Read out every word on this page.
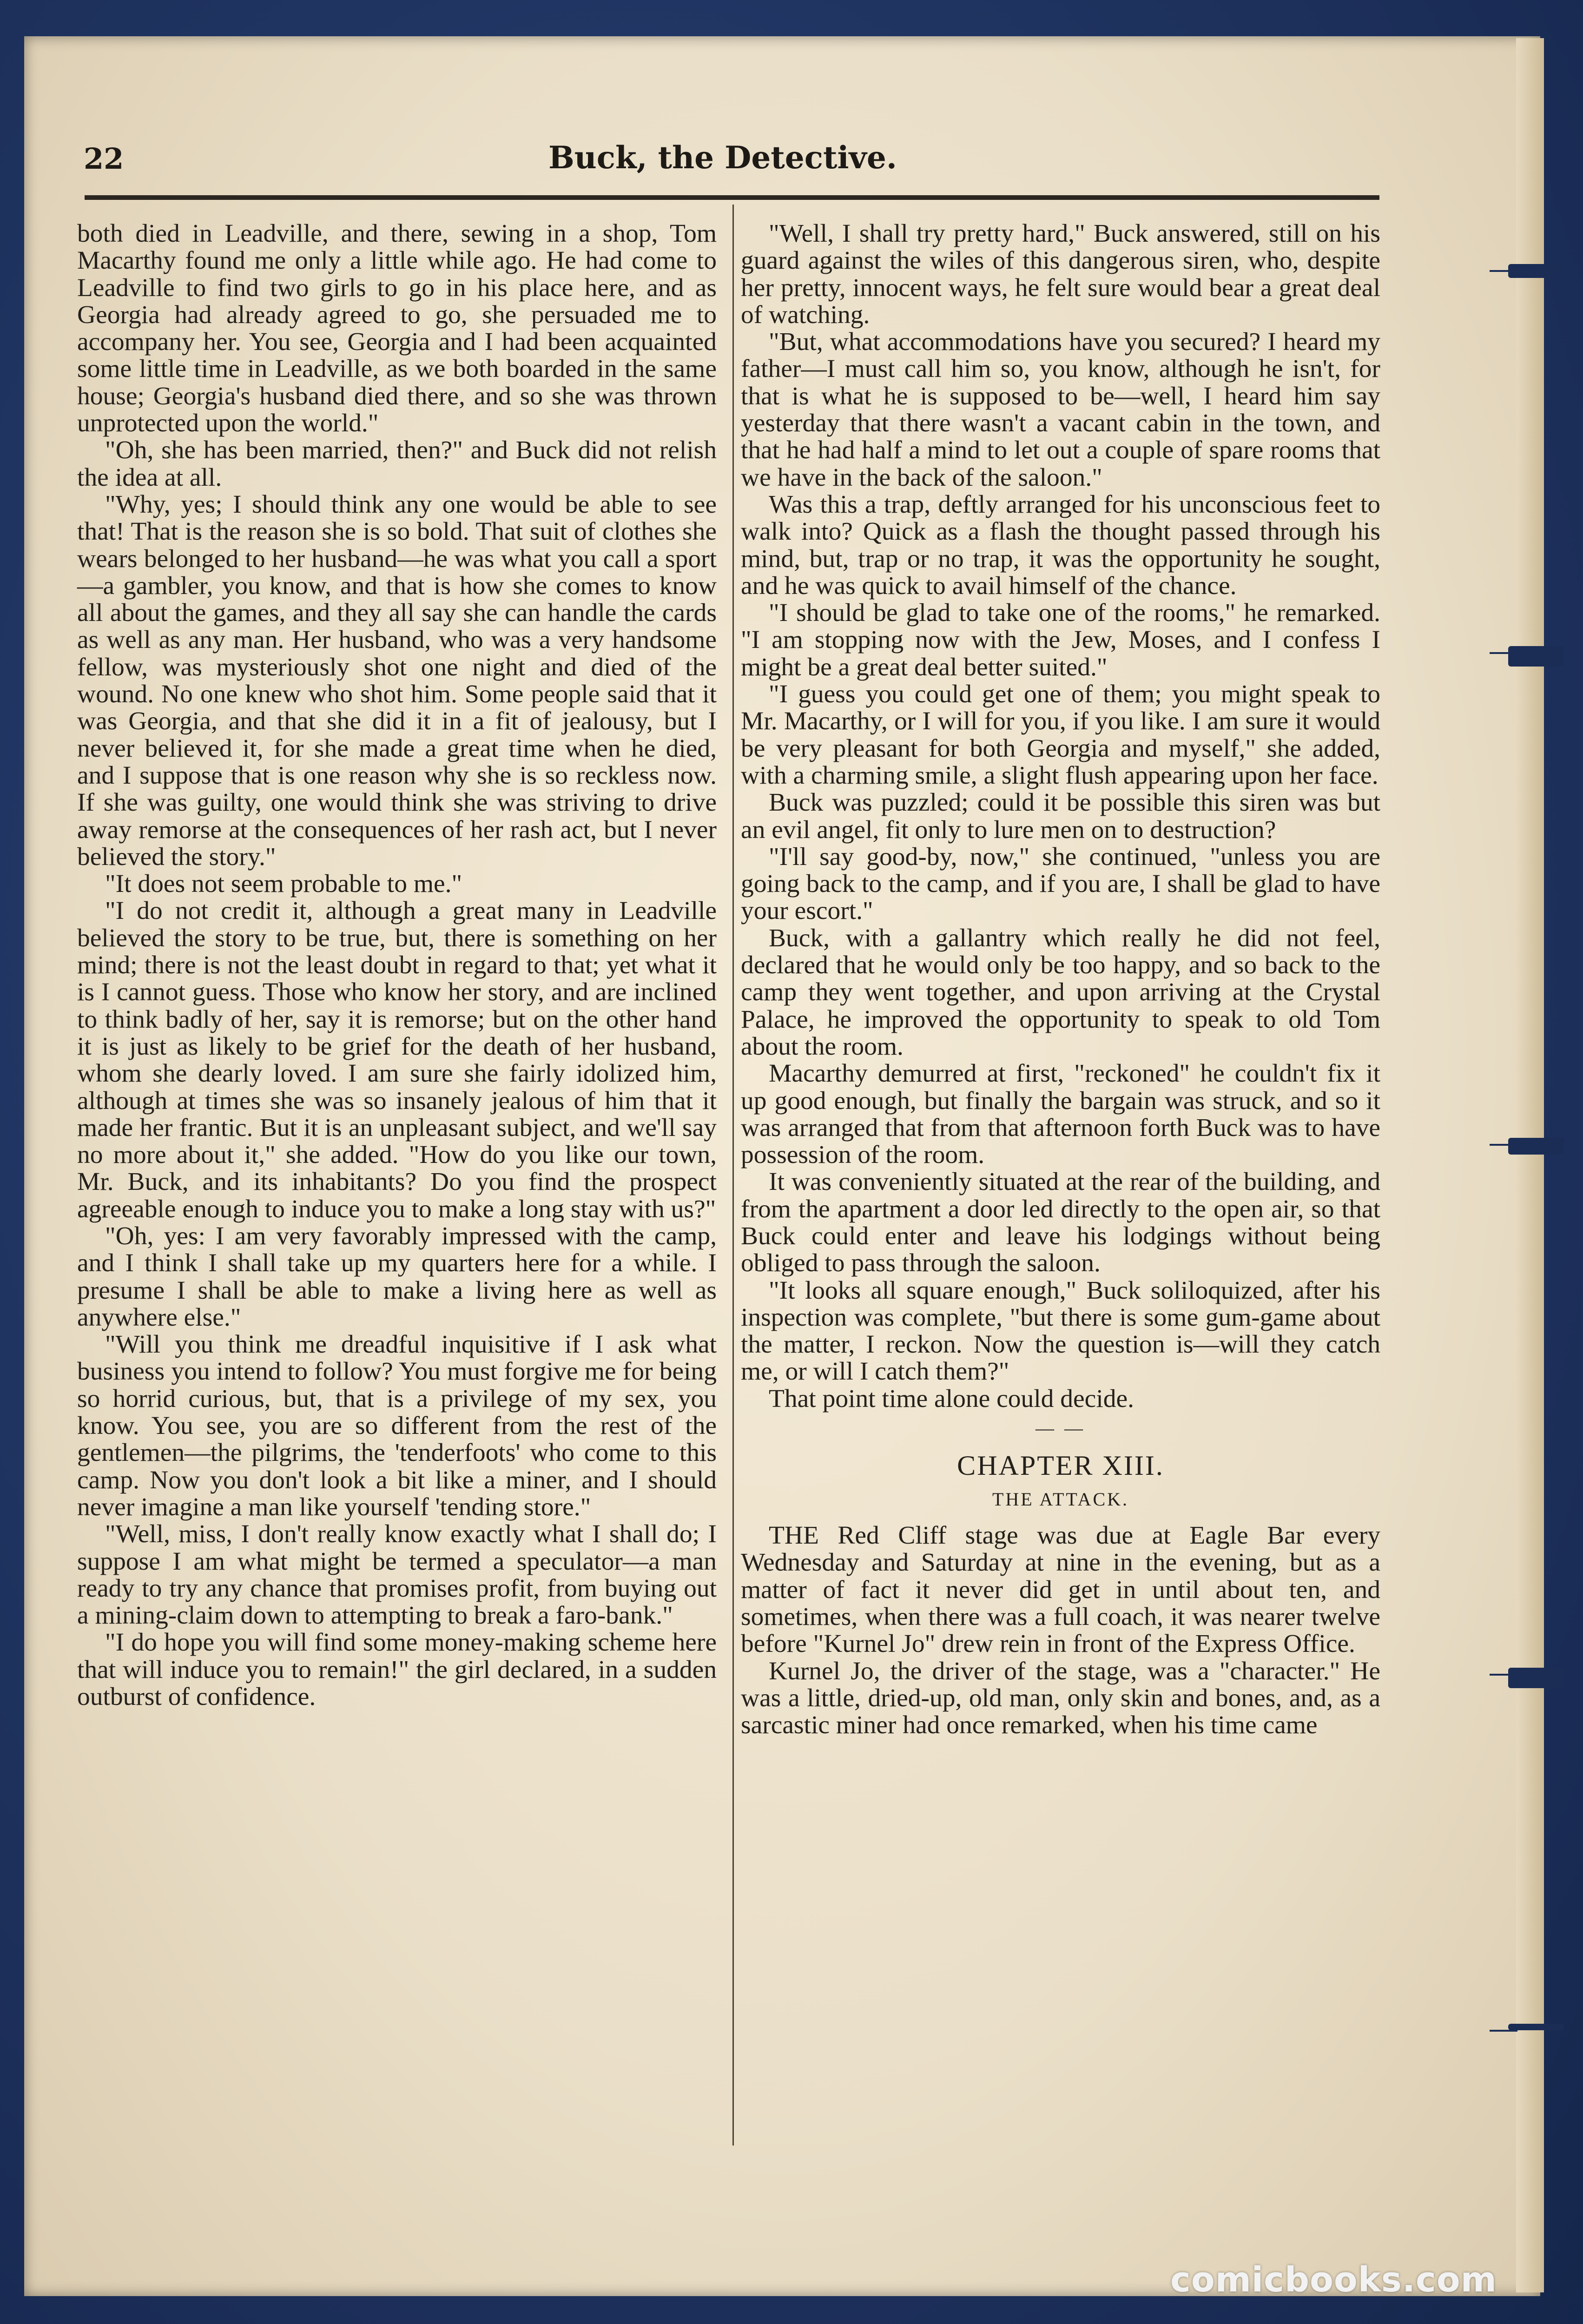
22	Buck, the Detective.

both died in Leadville, and there, sewing in a shop, Tom Macarthy found me only a little while ago. He had come to Leadville to find two girls to go in his place here, and as Georgia had already agreed to go, she persuaded me to accompany her. You see, Georgia and I had been acquainted some little time in Leadville, as we both boarded in the same house; Georgia's husband died there, and so she was thrown unprotected upon the world."

"Oh, she has been married, then?" and Buck did not relish the idea at all.

"Why, yes; I should think any one would be able to see that! That is the reason she is so bold. That suit of clothes she wears belonged to her husband—he was what you call a sport—a gambler, you know, and that is how she comes to know all about the games, and they all say she can handle the cards as well as any man. Her husband, who was a very handsome fellow, was mysteriously shot one night and died of the wound. No one knew who shot him. Some people said that it was Georgia, and that she did it in a fit of jealousy, but I never believed it, for she made a great time when he died, and I suppose that is one reason why she is so reckless now. If she was guilty, one would think she was striving to drive away remorse at the consequences of her rash act, but I never believed the story."

"It does not seem probable to me."

"I do not credit it, although a great many in Leadville believed the story to be true, but, there is something on her mind; there is not the least doubt in regard to that; yet what it is I cannot guess. Those who know her story, and are inclined to think badly of her, say it is remorse; but on the other hand it is just as likely to be grief for the death of her husband, whom she dearly loved. I am sure she fairly idolized him, although at times she was so insanely jealous of him that it made her frantic. But it is an unpleasant subject, and we'll say no more about it," she added. "How do you like our town, Mr. Buck, and its inhabitants? Do you find the prospect agreeable enough to induce you to make a long stay with us?"

"Oh, yes: I am very favorably impressed with the camp, and I think I shall take up my quarters here for a while. I presume I shall be able to make a living here as well as anywhere else."

"Will you think me dreadful inquisitive if I ask what business you intend to follow? You must forgive me for being so horrid curious, but, that is a privilege of my sex, you know. You see, you are so different from the rest of the gentlemen—the pilgrims, the 'tenderfoots' who come to this camp. Now you don't look a bit like a miner, and I should never imagine a man like yourself 'tending store."

"Well, miss, I don't really know exactly what I shall do; I suppose I am what might be termed a speculator—a man ready to try any chance that promises profit, from buying out a mining-claim down to attempting to break a faro-bank."

"I do hope you will find some money-making scheme here that will induce you to remain!" the girl declared, in a sudden outburst of confidence.

"Well, I shall try pretty hard," Buck answered, still on his guard against the wiles of this dangerous siren, who, despite her pretty, innocent ways, he felt sure would bear a great deal of watching.

"But, what accommodations have you secured? I heard my father—I must call him so, you know, although he isn't, for that is what he is supposed to be—well, I heard him say yesterday that there wasn't a vacant cabin in the town, and that he had half a mind to let out a couple of spare rooms that we have in the back of the saloon."

Was this a trap, deftly arranged for his unconscious feet to walk into? Quick as a flash the thought passed through his mind, but, trap or no trap, it was the opportunity he sought, and he was quick to avail himself of the chance.

"I should be glad to take one of the rooms," he remarked. "I am stopping now with the Jew, Moses, and I confess I might be a great deal better suited."

"I guess you could get one of them; you might speak to Mr. Macarthy, or I will for you, if you like. I am sure it would be very pleasant for both Georgia and myself," she added, with a charming smile, a slight flush appearing upon her face.

Buck was puzzled; could it be possible this siren was but an evil angel, fit only to lure men on to destruction?

"I'll say good-by, now," she continued, "unless you are going back to the camp, and if you are, I shall be glad to have your escort."

Buck, with a gallantry which really he did not feel, declared that he would only be too happy, and so back to the camp they went together, and upon arriving at the Crystal Palace, he improved the opportunity to speak to old Tom about the room.

Macarthy demurred at first, "reckoned" he couldn't fix it up good enough, but finally the bargain was struck, and so it was arranged that from that afternoon forth Buck was to have possession of the room.

It was conveniently situated at the rear of the building, and from the apartment a door led directly to the open air, so that Buck could enter and leave his lodgings without being obliged to pass through the saloon.

"It looks all square enough," Buck soliloquized, after his inspection was complete, "but there is some gum-game about the matter, I reckon. Now the question is—will they catch me, or will I catch them?"

That point time alone could decide.

— —
CHAPTER XIII.
THE ATTACK.

THE Red Cliff stage was due at Eagle Bar every Wednesday and Saturday at nine in the evening, but as a matter of fact it never did get in until about ten, and sometimes, when there was a full coach, it was nearer twelve before "Kurnel Jo" drew rein in front of the Express Office.

Kurnel Jo, the driver of the stage, was a "character." He was a little, dried-up, old man, only skin and bones, and, as a sarcastic miner had once remarked, when his time came

comicbooks.com
